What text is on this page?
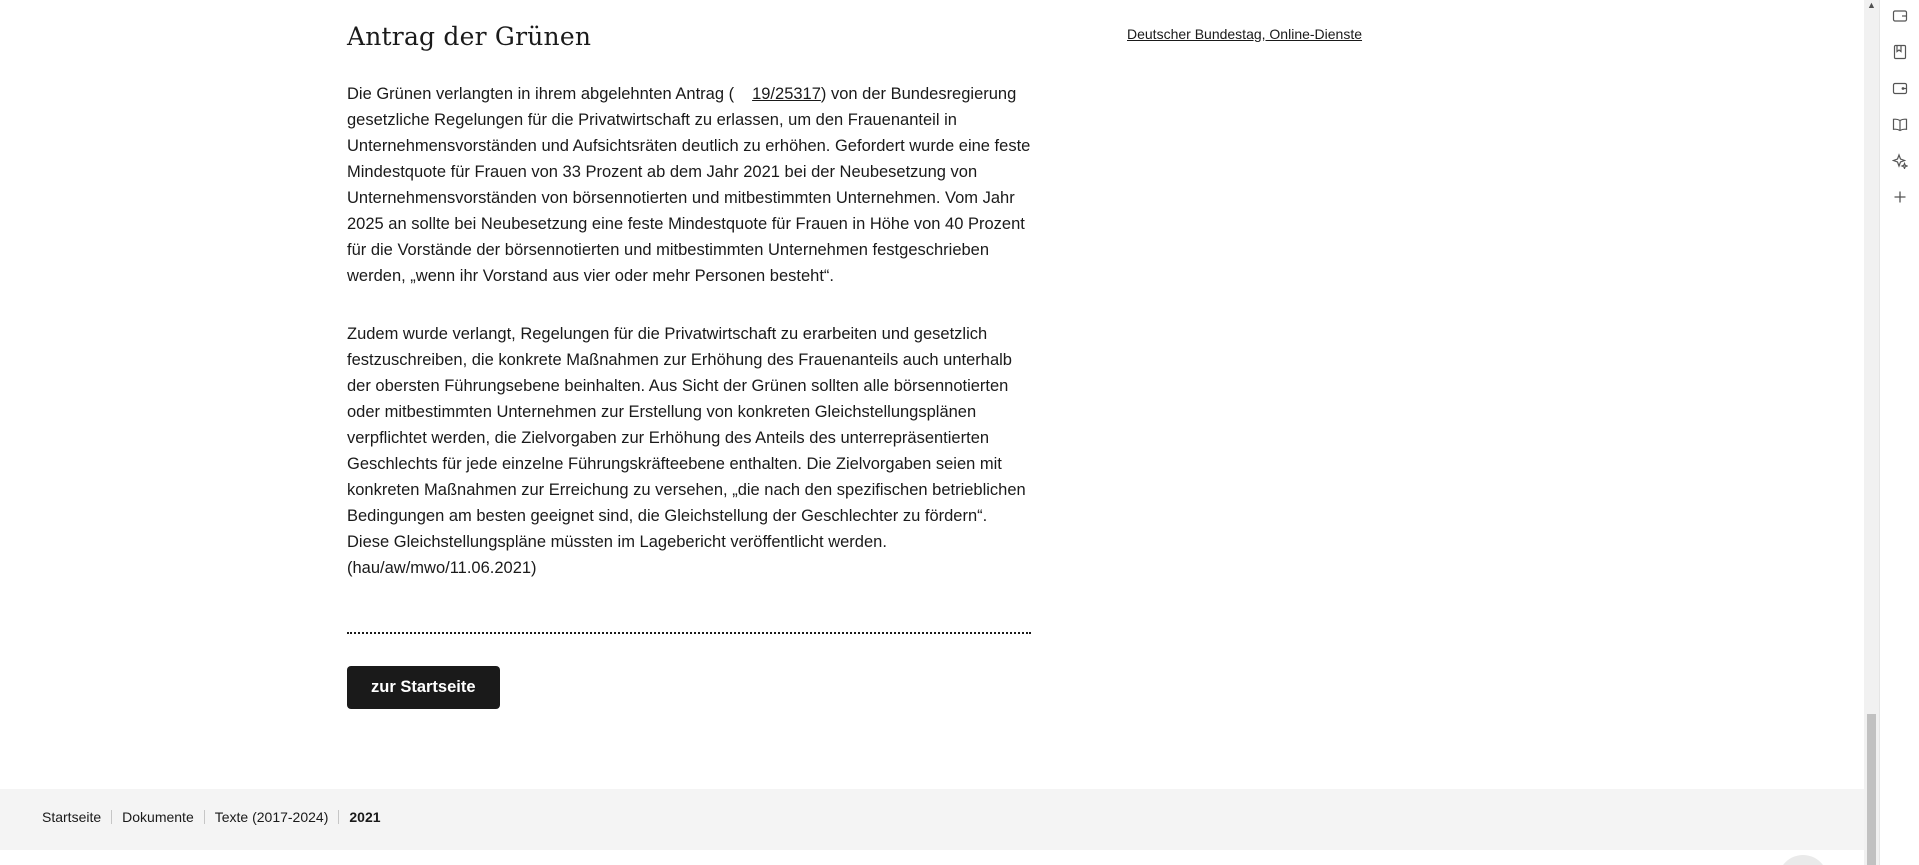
Antrag der Grünen

Die Grünen verlangten in ihrem abgelehnten Antrag ( 19/25317) von der Bundesregierung gesetzliche Regelungen für die Privatwirtschaft zu erlassen, um den Frauenanteil in Unternehmensvorständen und Aufsichtsräten deutlich zu erhöhen. Gefordert wurde eine feste Mindestquote für Frauen von 33 Prozent ab dem Jahr 2021 bei der Neubesetzung von Unternehmensvorständen von börsennotierten und mitbestimmten Unternehmen. Vom Jahr 2025 an sollte bei Neubesetzung eine feste Mindestquote für Frauen in Höhe von 40 Prozent für die Vorstände der börsennotierten und mitbestimmten Unternehmen festgeschrieben werden, „wenn ihr Vorstand aus vier oder mehr Personen besteht“.

Zudem wurde verlangt, Regelungen für die Privatwirtschaft zu erarbeiten und gesetzlich festzuschreiben, die konkrete Maßnahmen zur Erhöhung des Frauenanteils auch unterhalb der obersten Führungsebene beinhalten. Aus Sicht der Grünen sollten alle börsennotierten oder mitbestimmten Unternehmen zur Erstellung von konkreten Gleichstellungsplänen verpflichtet werden, die Zielvorgaben zur Erhöhung des Anteils des unterrepräsentierten Geschlechts für jede einzelne Führungskräfteebene enthalten. Die Zielvorgaben seien mit konkreten Maßnahmen zur Erreichung zu versehen, „die nach den spezifischen betrieblichen Bedingungen am besten geeignet sind, die Gleichstellung der Geschlechter zu fördern“. Diese Gleichstellungspläne müssten im Lagebericht veröffentlicht werden. (hau/aw/mwo/11.06.2021)

zur Startseite
Deutscher Bundestag, Online-Dienste
Startseite Dokumente Texte (2017-2024) 2021
▲
